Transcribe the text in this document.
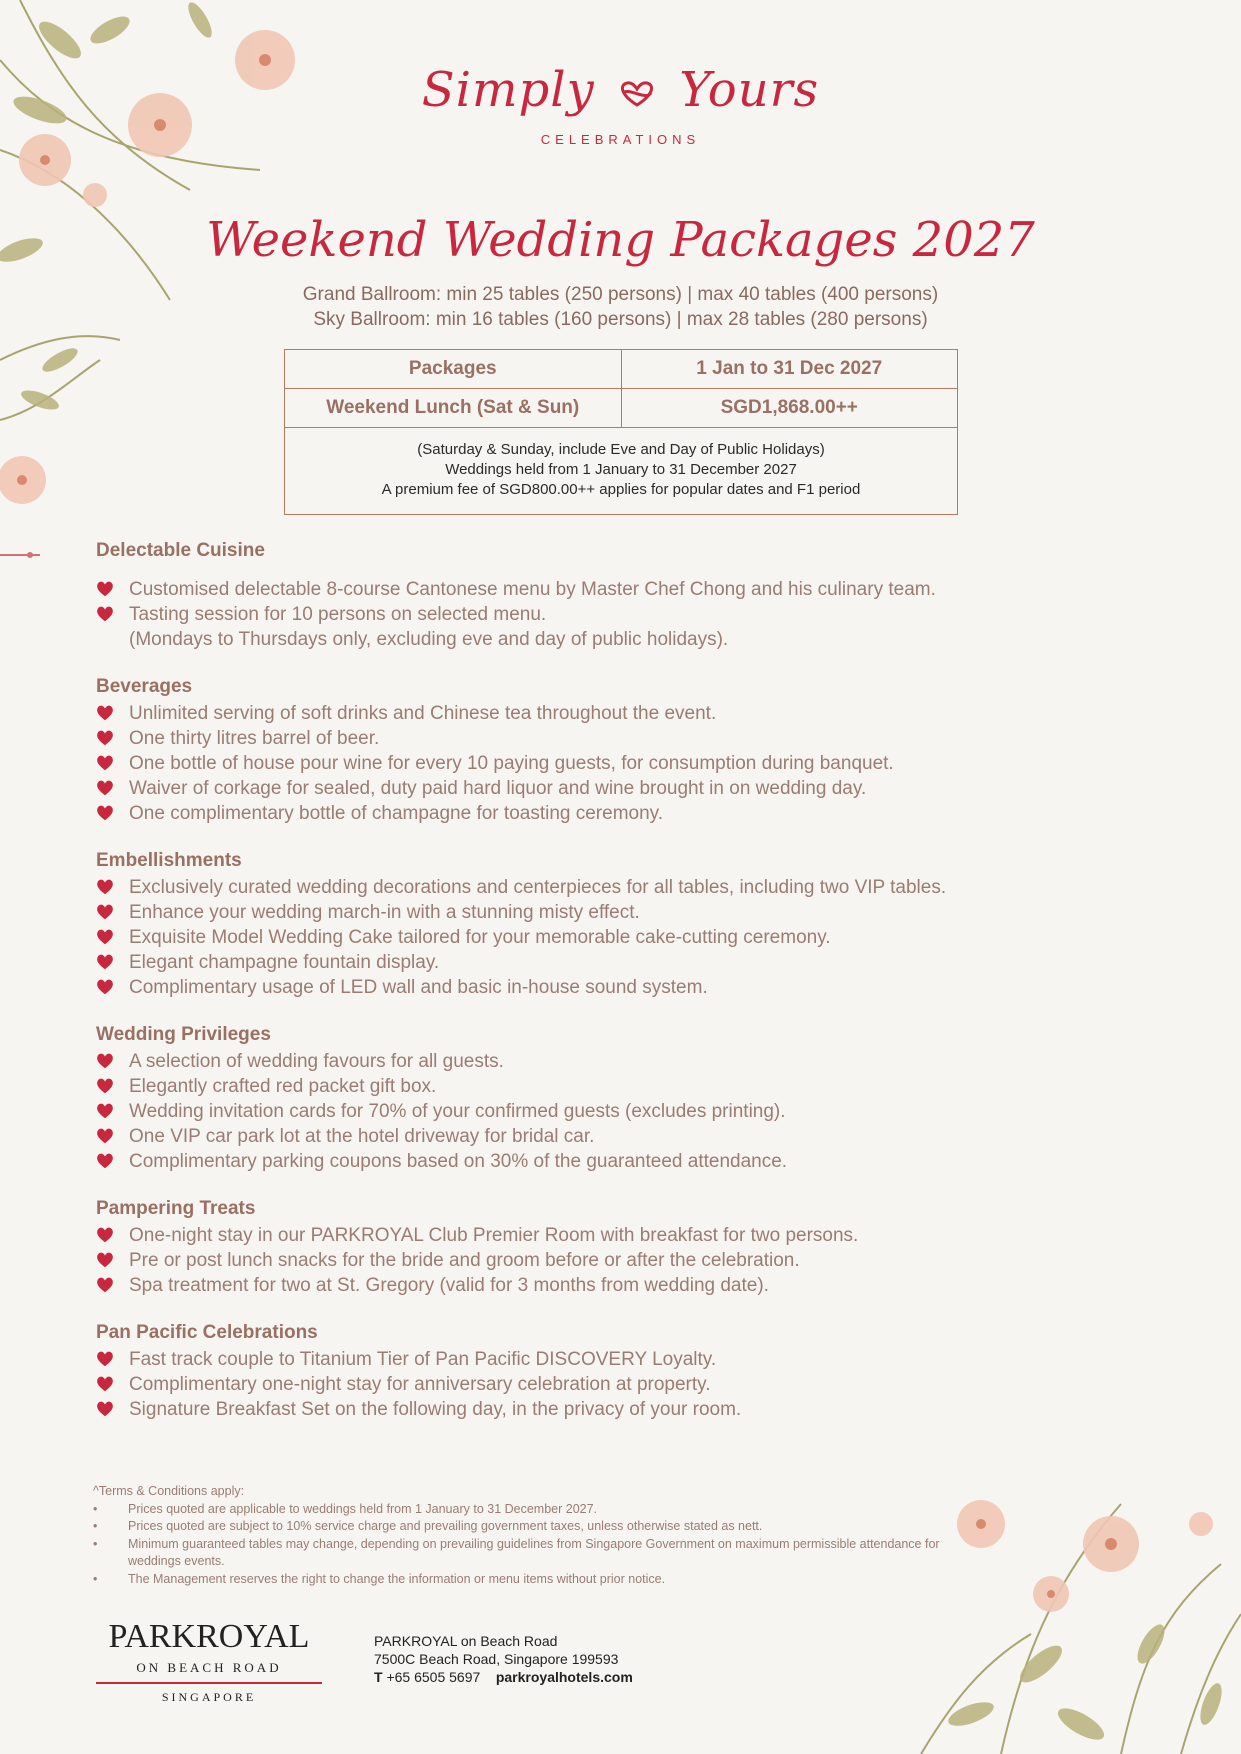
Simply Yours
CELEBRATIONS
Weekend Wedding Packages 2027
Grand Ballroom: min 25 tables (250 persons) | max 40 tables (400 persons)
Sky Ballroom: min 16 tables (160 persons) | max 28 tables (280 persons)
Packages	1 Jan to 31 Dec 2027
Weekend Lunch (Sat & Sun)	SGD1,868.00++
(Saturday & Sunday, include Eve and Day of Public Holidays)
Weddings held from 1 January to 31 December 2027
A premium fee of SGD800.00++ applies for popular dates and F1 period
Delectable Cuisine
Customised delectable 8-course Cantonese menu by Master Chef Chong and his culinary team.
Tasting session for 10 persons on selected menu.
(Mondays to Thursdays only, excluding eve and day of public holidays).
Beverages
Unlimited serving of soft drinks and Chinese tea throughout the event.
One thirty litres barrel of beer.
One bottle of house pour wine for every 10 paying guests, for consumption during banquet.
Waiver of corkage for sealed, duty paid hard liquor and wine brought in on wedding day.
One complimentary bottle of champagne for toasting ceremony.
Embellishments
Exclusively curated wedding decorations and centerpieces for all tables, including two VIP tables.
Enhance your wedding march-in with a stunning misty effect.
Exquisite Model Wedding Cake tailored for your memorable cake-cutting ceremony.
Elegant champagne fountain display.
Complimentary usage of LED wall and basic in-house sound system.
Wedding Privileges
A selection of wedding favours for all guests.
Elegantly crafted red packet gift box.
Wedding invitation cards for 70% of your confirmed guests (excludes printing).
One VIP car park lot at the hotel driveway for bridal car.
Complimentary parking coupons based on 30% of the guaranteed attendance.
Pampering Treats
One-night stay in our PARKROYAL Club Premier Room with breakfast for two persons.
Pre or post lunch snacks for the bride and groom before or after the celebration.
Spa treatment for two at St. Gregory (valid for 3 months from wedding date).
Pan Pacific Celebrations
Fast track couple to Titanium Tier of Pan Pacific DISCOVERY Loyalty.
Complimentary one-night stay for anniversary celebration at property.
Signature Breakfast Set on the following day, in the privacy of your room.
^Terms & Conditions apply:
• Prices quoted are applicable to weddings held from 1 January to 31 December 2027.
• Prices quoted are subject to 10% service charge and prevailing government taxes, unless otherwise stated as nett.
• Minimum guaranteed tables may change, depending on prevailing guidelines from Singapore Government on maximum permissible attendance for weddings events.
• The Management reserves the right to change the information or menu items without prior notice.
PARKROYAL
ON BEACH ROAD
SINGAPORE
PARKROYAL on Beach Road
7500C Beach Road, Singapore 199593
T +65 6505 5697 parkroyalhotels.com
